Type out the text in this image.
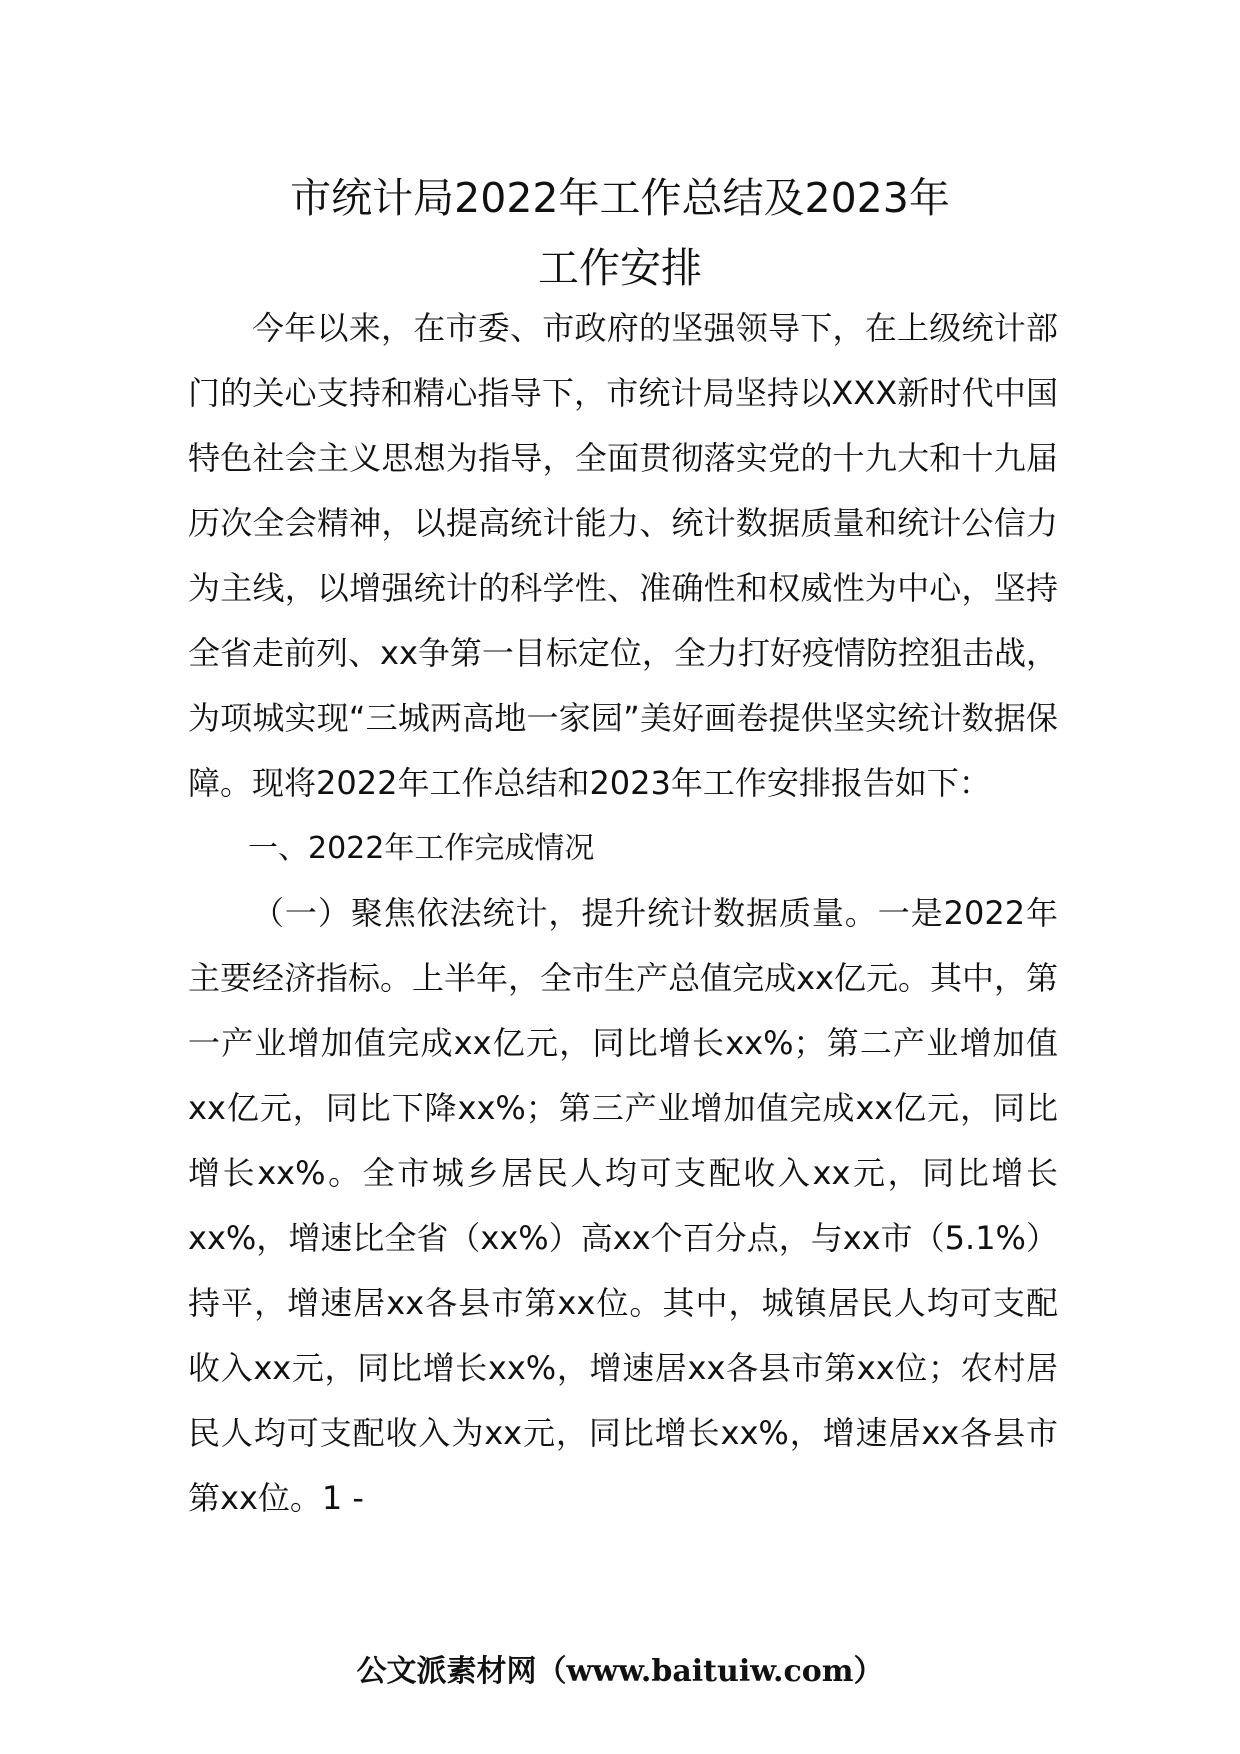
市统计局2022年工作总结及2023年
工作安排

今年以来，在市委、市政府的坚强领导下，在上级统计部门的关心支持和精心指导下，市统计局坚持以XXX新时代中国特色社会主义思想为指导，全面贯彻落实党的十九大和十九届历次全会精神，以提高统计能力、统计数据质量和统计公信力为主线，以增强统计的科学性、准确性和权威性为中心，坚持全省走前列、xx争第一目标定位，全力打好疫情防控狙击战，为项城实现“三城两高地一家园”美好画卷提供坚实统计数据保障。现将2022年工作总结和2023年工作安排报告如下：

一、2022年工作完成情况

（一）聚焦依法统计，提升统计数据质量。一是2022年主要经济指标。上半年，全市生产总值完成xx亿元。其中，第一产业增加值完成xx亿元，同比增长xx%；第二产业增加值xx亿元，同比下降xx%；第三产业增加值完成xx亿元，同比增长xx%。全市城乡居民人均可支配收入xx元，同比增长xx%，增速比全省（xx%）高xx个百分点，与xx市（5.1%）持平，增速居xx各县市第xx位。其中，城镇居民人均可支配收入xx元，同比增长xx%，增速居xx各县市第xx位；农村居民人均可支配收入为xx元，同比增长xx%，增速居xx各县市第xx位。1 -

公文派素材网（www.baituiw.com）
